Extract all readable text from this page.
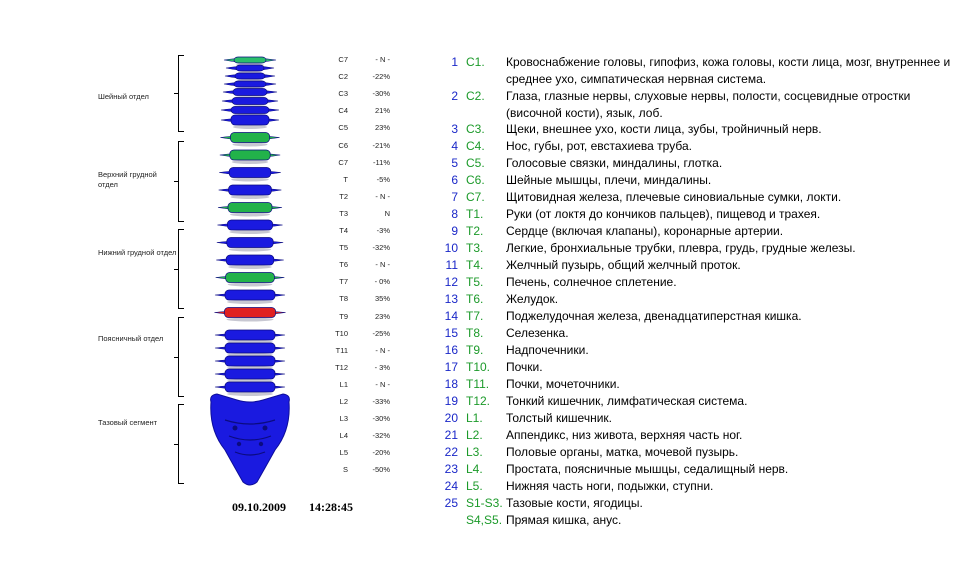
Шейный отдел
Верхний грудной отдел
Нижний грудной отдел
Поясничный отдел
Тазовый сегмент
C7	- N -
C2	-22%
C3	-30%
C4	21%
C5	23%
C6	-21%
C7	-11%
T	-5%
T2	- N -
T3	N
T4	-3%
T5	-32%
T6	- N -
T7	- 0%
T8	35%
T9	23%
T10	-25%
T11	- N -
T12	- 3%
L1	- N -
L2	-33%
L3	-30%
L4	-32%
L5	-20%
S	-50%
1 C1. Кровоснабжение головы, гипофиз, кожа головы, кости лица, мозг, внутреннее и среднее ухо, симпатическая нервная система.
2 C2. Глаза, глазные нервы, слуховые нервы, полости, сосцевидные отростки (височной кости), язык, лоб.
3 C3. Щеки, внешнее ухо, кости лица, зубы, тройничный нерв.
4 C4. Нос, губы, рот, евстахиева труба.
5 C5. Голосовые связки, миндалины, глотка.
6 C6. Шейные мышцы, плечи, миндалины.
7 C7. Щитовидная железа, плечевые синовиальные сумки, локти.
8 T1. Руки (от локтя до кончиков пальцев), пищевод и трахея.
9 T2. Сердце (включая клапаны), коронарные артерии.
10 T3. Легкие, бронхиальные трубки, плевра, грудь, грудные железы.
11 T4. Желчный пузырь, общий желчный проток.
12 T5. Печень, солнечное сплетение.
13 T6. Желудок.
14 T7. Поджелудочная железа, двенадцатиперстная кишка.
15 T8. Селезенка.
16 T9. Надпочечники.
17 T10. Почки.
18 T11. Почки, мочеточники.
19 T12. Тонкий кишечник, лимфатическая система.
20 L1. Толстый кишечник.
21 L2. Аппендикс, низ живота, верхняя часть ног.
22 L3. Половые органы, матка, мочевой пузырь.
23 L4. Простата, поясничные мышцы, седалищный нерв.
24 L5. Нижняя часть ноги, подыжки, ступни.
25 S1-S3. Тазовые кости, ягодицы.
S4,S5. Прямая кишка, анус.
09.10.2009 14:28:45
